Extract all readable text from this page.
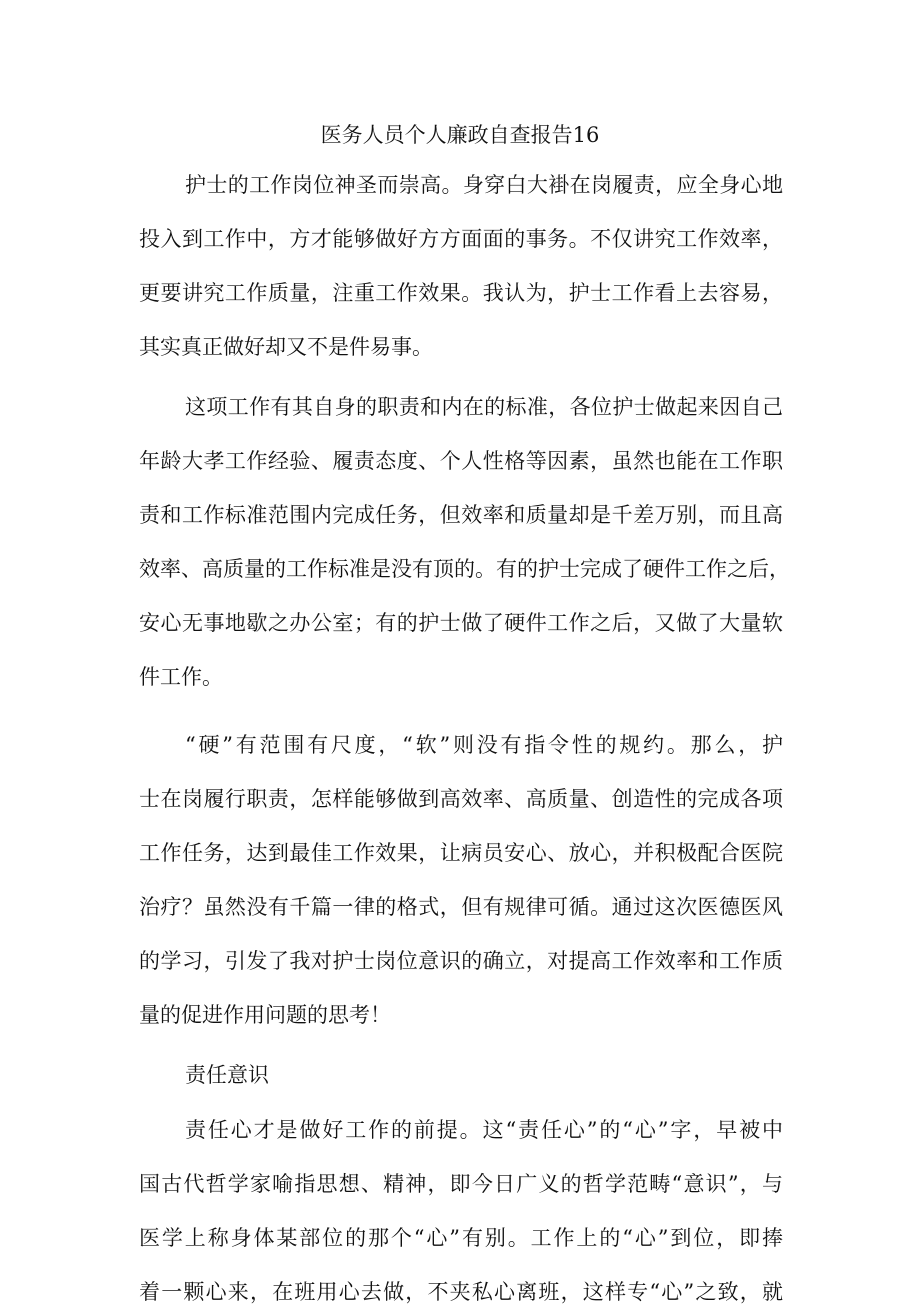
医务人员个人廉政自查报告16
护士的工作岗位神圣而崇高。身穿白大褂在岗履责，应全身心地
投入到工作中，方才能够做好方方面面的事务。不仅讲究工作效率，
更要讲究工作质量，注重工作效果。我认为，护士工作看上去容易，
其实真正做好却又不是件易事。
这项工作有其自身的职责和内在的标准，各位护士做起来因自己
年龄大孝工作经验、履责态度、个人性格等因素，虽然也能在工作职
责和工作标准范围内完成任务，但效率和质量却是千差万别，而且高
效率、高质量的工作标准是没有顶的。有的护士完成了硬件工作之后，
安心无事地歇之办公室；有的护士做了硬件工作之后，又做了大量软
件工作。
“硬”有范围有尺度，“软”则没有指令性的规约。那么，护
士在岗履行职责，怎样能够做到高效率、高质量、创造性的完成各项
工作任务，达到最佳工作效果，让病员安心、放心，并积极配合医院
治疗？虽然没有千篇一律的格式，但有规律可循。通过这次医德医风
的学习，引发了我对护士岗位意识的确立，对提高工作效率和工作质
量的促进作用问题的思考！
责任意识
责任心才是做好工作的前提。这“责任心”的“心”字，早被中
国古代哲学家喻指思想、精神，即今日广义的哲学范畴“意识”，与
医学上称身体某部位的那个“心”有别。工作上的“心”到位，即捧
着一颗心来，在班用心去做，不夹私心离班，这样专“心”之致，就
